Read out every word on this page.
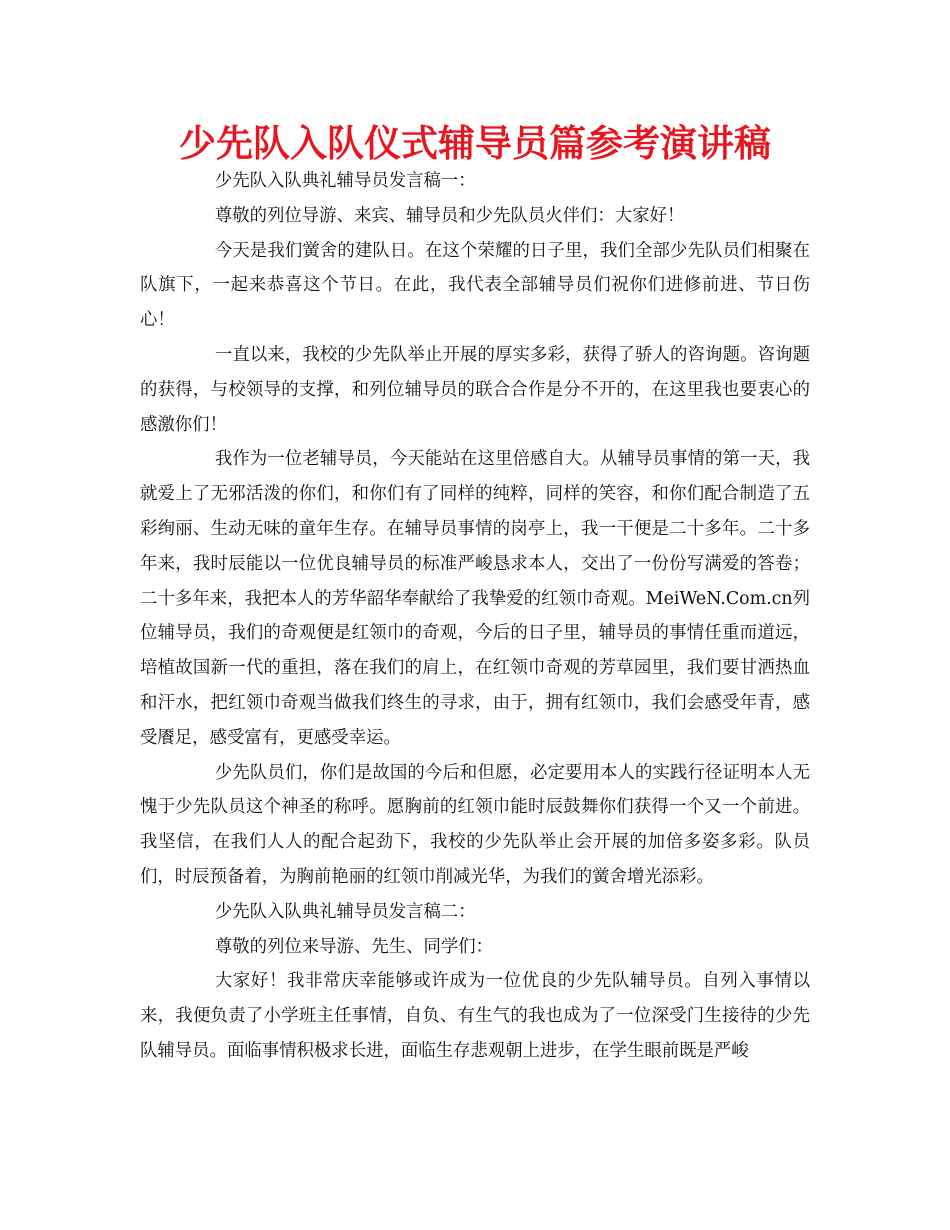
少先队入队仪式辅导员篇参考演讲稿

少先队入队典礼辅导员发言稿一：

尊敬的列位导游、来宾、辅导员和少先队员火伴们：大家好！

今天是我们黉舍的建队日。在这个荣耀的日子里，我们全部少先队员们相聚在队旗下，一起来恭喜这个节日。在此，我代表全部辅导员们祝你们进修前进、节日伤心！

一直以来，我校的少先队举止开展的厚实多彩，获得了骄人的咨询题。咨询题的获得，与校领导的支撑，和列位辅导员的联合合作是分不开的，在这里我也要衷心的感激你们！

我作为一位老辅导员，今天能站在这里倍感自大。从辅导员事情的第一天，我就爱上了无邪活泼的你们，和你们有了同样的纯粹，同样的笑容，和你们配合制造了五彩绚丽、生动无味的童年生存。在辅导员事情的岗亭上，我一干便是二十多年。二十多年来，我时辰能以一位优良辅导员的标准严峻恳求本人，交出了一份份写满爱的答卷；二十多年来，我把本人的芳华韶华奉献给了我挚爱的红领巾奇观。MeiWeN.Com.cn列位辅导员，我们的奇观便是红领巾的奇观，今后的日子里，辅导员的事情任重而道远，培植故国新一代的重担，落在我们的肩上，在红领巾奇观的芳草园里，我们要甘洒热血和汗水，把红领巾奇观当做我们终生的寻求，由于，拥有红领巾，我们会感受年青，感受餍足，感受富有，更感受幸运。

少先队员们，你们是故国的今后和但愿，必定要用本人的实践行径证明本人无愧于少先队员这个神圣的称呼。愿胸前的红领巾能时辰鼓舞你们获得一个又一个前进。我坚信，在我们人人的配合起劲下，我校的少先队举止会开展的加倍多姿多彩。队员们，时辰预备着，为胸前艳丽的红领巾削减光华，为我们的黉舍增光添彩。

少先队入队典礼辅导员发言稿二：

尊敬的列位来导游、先生、同学们：

大家好！我非常庆幸能够或许成为一位优良的少先队辅导员。自列入事情以来，我便负责了小学班主任事情，自负、有生气的我也成为了一位深受门生接待的少先队辅导员。面临事情积极求长进，面临生存悲观朝上进步，在学生眼前既是严峻
